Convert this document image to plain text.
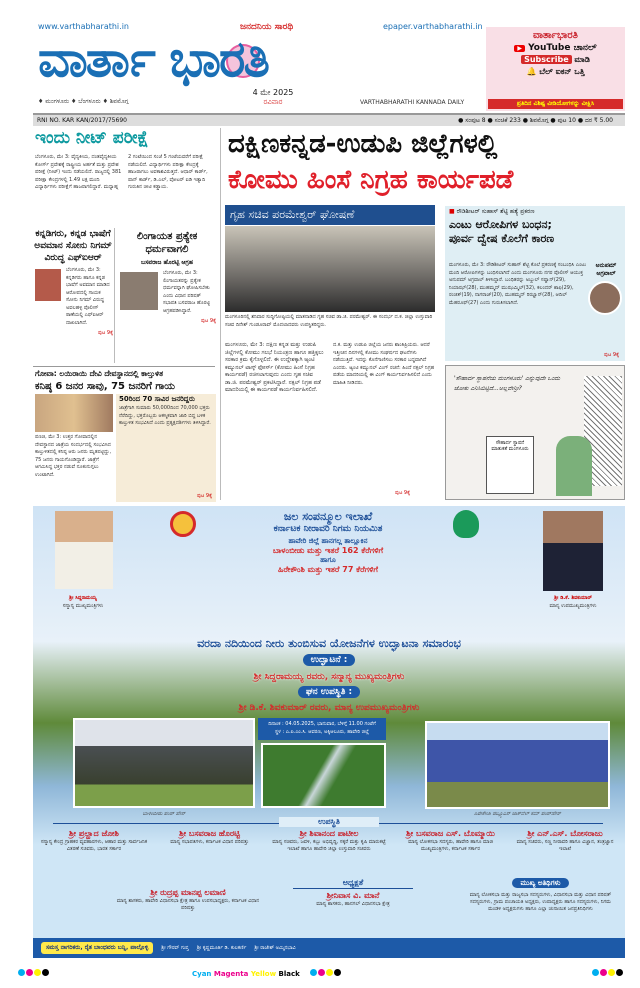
www.varthabharathi.in	ಜನದನಿಯ ಸಾರಥಿ	epaper.varthabharathi.in
ವಾರ್ತಾ ಭಾರತಿ
♦ ಮಂಗಳೂರು ♦ ಬೆಂಗಳೂರು ♦ ಶಿವಮೊಗ್ಗ
4 ಮೇ 2025
ರವಿವಾರ	VARTHABHARATHI KANNADA DAILY
ವಾರ್ತಾಭಾರತಿ
▶ YouTube ಚಾನಲ್
Subscribe ಮಾಡಿ
🔔 ಬೆಲ್ ಐಕನ್ ಒತ್ತಿ
ಪ್ರತಿದಿನ ವಿಶಿಷ್ಟ ವೀಡಿಯೋಗಳನ್ನು ವೀಕ್ಷಿಸಿ
RNI NO. KAR KAN/2017/75690	● ಸಂಪುಟ 8 ● ಸಂಚಿಕೆ 233 ● ಶಿವಮೊಗ್ಗ ● ಪುಟ 10 ● ದರ ₹ 5.00
ಇಂದು ನೀಟ್ ಪರೀಕ್ಷೆ
ಬೆಂಗಳೂರು, ಮೇ 3: ವೈದ್ಯಕೀಯ, ದಂತವೈದ್ಯಕೀಯ ಕೋರ್ಸ್ ಪ್ರವೇಶಕ್ಕೆ ರಾಷ್ಟ್ರೀಯ ಅರ್ಹತೆ ಮತ್ತು ಪ್ರವೇಶ ಪರೀಕ್ಷೆ (ನೀಟ್) ಇಂದು ನಡೆಯಲಿದೆ. ರಾಜ್ಯದಲ್ಲಿ 381 ಪರೀಕ್ಷಾ ಕೇಂದ್ರಗಳಲ್ಲಿ 1.49 ಲಕ್ಷ ಮಂದಿ ವಿದ್ಯಾರ್ಥಿಗಳು ಪರೀಕ್ಷೆಗೆ ಹಾಜರಾಗಲಿದ್ದಾರೆ. ಮಧ್ಯಾಹ್ನ 2 ಗಂಟೆಯಿಂದ ಸಂಜೆ 5 ಗಂಟೆಯವರೆಗೆ ಪರೀಕ್ಷೆ ನಡೆಯಲಿದೆ. ವಿದ್ಯಾರ್ಥಿಗಳು ಪರೀಕ್ಷಾ ಕೇಂದ್ರಕ್ಕೆ ಹಾಜರಾಗಲು ಅವಕಾಶವಿರುತ್ತದೆ. ಆಧಾರ್ ಕಾರ್ಡ್, ಪಾನ್ ಕಾರ್ಡ್, ಡಿ.ಎಲ್, ವೋಟರ್ ಐಡಿ ಇತ್ಯಾದಿ ಗುರುತಿನ ಚೀಟಿ ಕಡ್ಡಾಯ.
ದಕ್ಷಿಣಕನ್ನಡ-ಉಡುಪಿ ಜಿಲ್ಲೆಗಳಲ್ಲಿ
ಕೋಮು ಹಿಂಸೆ ನಿಗ್ರಹ ಕಾರ್ಯಪಡೆ
ಗೃಹ ಸಚಿವ ಪರಮೇಶ್ವರ್ ಘೋಷಣೆ
ಮಂಗಳೂರಿನಲ್ಲಿ ಶನಿವಾರ ಸುದ್ದಿಗೋಷ್ಠಿಯಲ್ಲಿ ಮಾತನಾಡಿದ ಗೃಹ ಸಚಿವ ಡಾ.ಜಿ. ಪರಮೇಶ್ವರ್. ಈ ಸಂದರ್ಭ ದ.ಕ. ಜಿಲ್ಲಾ ಉಸ್ತುವಾರಿ ಸಚಿವ ದಿನೇಶ್ ಗುಂಡೂರಾವ್ ಮೊದಲಾದವರು ಉಪಸ್ಥಿತರಿದ್ದರು.
ಮಂಗಳೂರು, ಮೇ 3: ದಕ್ಷಿಣ ಕನ್ನಡ ಮತ್ತು ಉಡುಪಿ ಜಿಲ್ಲೆಗಳಲ್ಲಿ ಕೋಮು ಗಲಭೆ ನಿಯಂತ್ರಣ ಹಾಗೂ ಹತ್ತಿಕ್ಕಲು ಸರಕಾರ ಕ್ರಮ ಕೈಗೊಳ್ಳಲಿದೆ. ಈ ಉದ್ದೇಶಕ್ಕಾಗಿ ಆ್ಯಂಟಿ ಕಮ್ಯುನಲ್ ಟಾಸ್ಕ್ ಫೋರ್ಸ್ (ಕೋಮು ಹಿಂಸೆ ನಿಗ್ರಹ ಕಾರ್ಯಪಡೆ) ರಚಿಸಲಾಗುವುದು ಎಂದು ಗೃಹ ಸಚಿವ ಡಾ.ಜಿ. ಪರಮೇಶ್ವರ್ ಪ್ರಕಟಿಸಿದ್ದಾರೆ. ನಕ್ಸಲ್ ನಿಗ್ರಹ ಪಡೆ ಮಾದರಿಯಲ್ಲಿ ಈ ಕಾರ್ಯಪಡೆ ಕಾರ್ಯನಿರ್ವಹಿಸಲಿದೆ.
ದ.ಕ. ಮತ್ತು ಉಡುಪಿ ಜಿಲ್ಲೆಯ ಜನರು ಶಾಂತಿಪ್ರಿಯರು. ಆದರೆ ಇತ್ತೀಚಿನ ದಿನಗಳಲ್ಲಿ ಕೋಮು ಸಂಘರ್ಷದ ಘಟನೆಗಳು ನಡೆಯುತ್ತಿವೆ. ಇದನ್ನು ಕೊನೆಗಾಣಿಸಲು ಸರಕಾರ ಬದ್ಧವಾಗಿದೆ ಎಂದರು. ಆ್ಯಂಟಿ ಕಮ್ಯುನಲ್ ವಿಂಗ್ ರಚನೆ: ಹಿಂದೆ ನಕ್ಸಲ್ ನಿಗ್ರಹ ಪಡೆಯ ಮಾದರಿಯಲ್ಲಿ ಈ ವಿಂಗ್ ಕಾರ್ಯನಿರ್ವಹಿಸಲಿದೆ ಎಂದು ಮಾಹಿತಿ ನೀಡಿದರು.
ಪುಟ 9ಕ್ಕೆ
ಕನ್ನಡಿಗರು, ಕನ್ನಡ ಭಾಷೆಗೆ ಅವಮಾನ ಸೋನು ನಿಗಮ್ ವಿರುದ್ಧ ಎಫ್‌ಐಆರ್
ಬೆಂಗಳೂರು, ಮೇ 3: ಕನ್ನಡಿಗರು ಹಾಗೂ ಕನ್ನಡ ಭಾಷೆಗೆ ಅವಮಾನ ಮಾಡಿದ ಆರೋಪದಲ್ಲಿ ಗಾಯಕ ಸೋನು ನಿಗಮ್ ವಿರುದ್ಧ ಅವಲಹಳ್ಳಿ ಪೊಲೀಸ್ ಠಾಣೆಯಲ್ಲಿ ಎಫ್‌ಐಆರ್ ದಾಖಲಾಗಿದೆ.
ಪುಟ 9ಕ್ಕೆ
ಲಿಂಗಾಯತ ಪ್ರತ್ಯೇಕ ಧರ್ಮವಾಗಲಿ
ಬಸವರಾಜ ಹೊರಟ್ಟಿ ಆಗ್ರಹ
ಬೆಂಗಳೂರು, ಮೇ 3: ಲಿಂಗಾಯತರನ್ನು ಪ್ರತ್ಯೇಕ ಧರ್ಮವನ್ನಾಗಿ ಘೋಷಿಸಬೇಕು ಎಂದು ವಿಧಾನ ಪರಿಷತ್ ಸಭಾಪತಿ ಬಸವರಾಜ ಹೊರಟ್ಟಿ ಆಗ್ರಹಪಡಿಸಿದ್ದಾರೆ.
ಪುಟ 9ಕ್ಕೆ
ಗೋವಾ: ಲಯಿರಾಯಿ ದೇವಿ ದೇವಸ್ಥಾನದಲ್ಲಿ ಕಾಲ್ತುಳಿತ
ಕನಿಷ್ಠ 6 ಜನರ ಸಾವು, 75 ಜನರಿಗೆ ಗಾಯ
ಪಣಜಿ, ಮೇ 3: ಉತ್ತರ ಗೋವಾದಲ್ಲಿನ ದೇವಸ್ಥಾನದ ಜಾತ್ರೆಯ ಸಂದರ್ಭದಲ್ಲಿ ಸಂಭವಿಸಿದ ಕಾಲ್ತುಳಿತದಲ್ಲಿ ಕನಿಷ್ಠ ಆರು ಜನರು ಮೃತಪಟ್ಟಿದ್ದು, 75 ಜನರು ಗಾಯಗೊಂಡಿದ್ದಾರೆ. ಜಾತ್ರೆಗೆ ಆಗಮಿಸಿದ್ದ ಭಕ್ತರ ನಡುವೆ ನೂಕುನುಗ್ಗಲು ಉಂಟಾಗಿದೆ.
50ರಿಂದ 70 ಸಾವಿರ ಜನರಿದ್ದರು
ಜಾತ್ರೆಗಾಗಿ ಸುಮಾರು 50,000ದಿಂದ 70,000 ಭಕ್ತರು ನೆರೆದಿದ್ದು, ಭಕ್ತರೊಬ್ಬರು ಆಕಸ್ಮಿಕವಾಗಿ ಜಾರಿ ಬಿದ್ದ ಬಳಿಕ ಕಾಲ್ತುಳಿತ ಸಂಭವಿಸಿದೆ ಎಂದು ಪ್ರತ್ಯಕ್ಷದರ್ಶಿಗಳು ತಿಳಿಸಿದ್ದಾರೆ.
ಪುಟ 9ಕ್ಕೆ
■ ರೌಡಿಶೀಟರ್ ಸುಹಾಸ್ ಶೆಟ್ಟಿ ಹತ್ಯೆ ಪ್ರಕರಣ
ಎಂಟು ಆರೋಪಿಗಳ ಬಂಧನ;
ಪೂರ್ವ ದ್ವೇಷ ಕೊಲೆಗೆ ಕಾರಣ
ಅನುಪಮ್ ಅಗ್ರವಾಲ್
ಮಂಗಳೂರು, ಮೇ 3: ರೌಡಿಶೀಟರ್ ಸುಹಾಸ್ ಶೆಟ್ಟಿ ಕೊಲೆ ಪ್ರಕರಣಕ್ಕೆ ಸಂಬಂಧಿಸಿ ಎಂಟು ಮಂದಿ ಆರೋಪಿಗಳನ್ನು ಬಂಧಿಸಲಾಗಿದೆ ಎಂದು ಮಂಗಳೂರು ನಗರ ಪೊಲೀಸ್ ಆಯುಕ್ತ ಅನುಪಮ್ ಅಗ್ರವಾಲ್ ತಿಳಿಸಿದ್ದಾರೆ. ಬಂಧಿತರನ್ನು ಅಬ್ದುಲ್ ಸಫ್ವಾನ್(29), ನಿಯಾಝ್(28), ಮುಹಮ್ಮದ್ ಮುಝಮ್ಮಿಲ್(32), ಕಲಂದರ್ ಶಾಫಿ(29), ರಂಜಿತ್(19), ನಾಗರಾಜ್(20), ಮುಹಮ್ಮದ್ ರಿಝ್ವಾನ್(28), ಆದಿಲ್ ಮೆಹರೂಫ್(27) ಎಂದು ಗುರುತಿಸಲಾಗಿದೆ.
ಪುಟ 9ಕ್ಕೆ
'ಸೌಹಾರ್ದ ಸ್ಥಾಪನೆಯ ಮಂಗಳೂರು' ಎನ್ನುವುದೇ ಒಂದು ಜೋಕು ಎನಿಸಿಬಿಟ್ಟಿದೆ...ಅಲ್ಲವೇನ್ರೀ?
ಸೌಹಾರ್ದ ಸ್ಥಾಪನೆ ಮಾತುಕತೆ ಮಂಗಳೂರು
ಶ್ರೀ ಸಿದ್ದರಾಮಯ್ಯ
ಸನ್ಮಾನ್ಯ ಮುಖ್ಯಮಂತ್ರಿಗಳು
ಶ್ರೀ ಡಿ.ಕೆ. ಶಿವಕುಮಾರ್
ಮಾನ್ಯ ಉಪಮುಖ್ಯಮಂತ್ರಿಗಳು
ಜಲ ಸಂಪನ್ಮೂಲ ಇಲಾಖೆ
ಕರ್ನಾಟಕ ನೀರಾವರಿ ನಿಗಮ ನಿಯಮಿತ
ಹಾವೇರಿ ಜಿಲ್ಲೆ ಹಾನಗಲ್ಲ ತಾಲ್ಲೂಕಿನ
ಬಾಳಂಬೀಡು ಮತ್ತು ಇತರೆ 162 ಕೆರೆಗಳಿಗೆ
ಹಾಗೂ
ಹಿರೇಕೌಂಶಿ ಮತ್ತು ಇತರೆ 77 ಕೆರೆಗಳಿಗೆ
ವರದಾ ನದಿಯಿಂದ ನೀರು ತುಂಬಿಸುವ ಯೋಜನೆಗಳ ಉದ್ಘಾಟನಾ ಸಮಾರಂಭ
ಉದ್ಘಾಟನೆ :
ಶ್ರೀ ಸಿದ್ದರಾಮಯ್ಯ ರವರು, ಸನ್ಮಾನ್ಯ ಮುಖ್ಯಮಂತ್ರಿಗಳು
ಘನ ಉಪಸ್ಥಿತಿ :
ಶ್ರೀ ಡಿ.ಕೆ. ಶಿವಕುಮಾರ್ ರವರು, ಮಾನ್ಯ ಉಪಮುಖ್ಯಮಂತ್ರಿಗಳು
ದಿನಾಂಕ : 04.05.2025, ಭಾನುವಾರ, ಬೆಳಿಗ್ಗೆ 11.00 ಗಂಟೆಗೆ
ಸ್ಥಳ : ಎ.ಪಿ.ಎಂ.ಸಿ. ಆವರಣ, ಅಕ್ಕಿಆಲೂರು, ಹಾವೇರಿ ಜಿಲ್ಲೆ
ಬಾಳಂಬೀಡು ಪಂಪ್ ಹೌಸ್	ಹಿರೇಕೌಂಶಿ ಡಬ್ಲ್ಯೂಎಸ್ ಜಾಕ್‌ವೆಲ್ ಕಮ್ ಪಂಪ್‌ಹೌಸ್
ಉಪಸ್ಥಿತಿ
ಶ್ರೀ ಪ್ರಲ್ಹಾದ ಜೋಶಿ
ಸನ್ಮಾನ್ಯ ಕೇಂದ್ರ ಗ್ರಾಹಕರ ವ್ಯವಹಾರಗಳು, ಆಹಾರ ಮತ್ತು ಸಾರ್ವಜನಿಕ ವಿತರಣೆ ಸಚಿವರು, ಭಾರತ ಸರ್ಕಾರ
ಶ್ರೀ ಬಸವರಾಜ ಹೊರಟ್ಟಿ
ಮಾನ್ಯ ಸಭಾಪತಿಗಳು, ಕರ್ನಾಟಕ ವಿಧಾನ ಪರಿಷತ್ತು
ಶ್ರೀ ಶಿವಾನಂದ ಪಾಟೀಲ
ಮಾನ್ಯ ಸಚಿವರು, ಜವಳಿ, ಕಬ್ಬು ಅಭಿವೃದ್ಧಿ, ಸಕ್ಕರೆ ಮತ್ತು ಕೃಷಿ ಮಾರುಕಟ್ಟೆ ಇಲಾಖೆ ಹಾಗೂ ಹಾವೇರಿ ಜಿಲ್ಲಾ ಉಸ್ತುವಾರಿ ಸಚಿವರು
ಶ್ರೀ ಬಸವರಾಜ ಎಸ್. ಬೊಮ್ಮಾಯಿ
ಮಾನ್ಯ ಲೋಕಸಭಾ ಸದಸ್ಯರು, ಹಾವೇರಿ ಹಾಗೂ ಮಾಜಿ ಮುಖ್ಯಮಂತ್ರಿಗಳು, ಕರ್ನಾಟಕ ಸರ್ಕಾರ
ಶ್ರೀ ಎನ್.ಎಸ್. ಬೋಸರಾಜು
ಮಾನ್ಯ ಸಚಿವರು, ಸಣ್ಣ ನೀರಾವರಿ ಹಾಗೂ ವಿಜ್ಞಾನ, ತಂತ್ರಜ್ಞಾನ ಇಲಾಖೆ
ಶ್ರೀ ರುದ್ರಪ್ಪ ಮಾನಪ್ಪ ಲಮಾಣಿ
ಮಾನ್ಯ ಶಾಸಕರು, ಹಾವೇರಿ ವಿಧಾನಸಭಾ ಕ್ಷೇತ್ರ ಹಾಗೂ ಉಪಸಭಾಧ್ಯಕ್ಷರು, ಕರ್ನಾಟಕ ವಿಧಾನ ಪರಿಷತ್ತು
ಅಧ್ಯಕ್ಷತೆ
ಶ್ರೀನಿವಾಸ ವಿ. ಮಾನೆ
ಮಾನ್ಯ ಶಾಸಕರು, ಹಾನಗಲ್ ವಿಧಾನಸಭಾ ಕ್ಷೇತ್ರ
ಮುಖ್ಯ ಅತಿಥಿಗಳು
ಮಾನ್ಯ ಲೋಕಸಭಾ ಮತ್ತು ರಾಜ್ಯಸಭಾ ಸದಸ್ಯರುಗಳು, ವಿಧಾನಸಭಾ ಮತ್ತು ವಿಧಾನ ಪರಿಷತ್ ಸದಸ್ಯರುಗಳು, ಗ್ರಾಮ ಪಂಚಾಯತಿ ಅಧ್ಯಕ್ಷರು, ಉಪಾಧ್ಯಕ್ಷರು ಹಾಗೂ ಸದಸ್ಯರುಗಳು, ನಿಗಮ ಮಂಡಳಿ ಅಧ್ಯಕ್ಷರುಗಳು ಹಾಗೂ ಎಲ್ಲಾ ಚುನಾಯಿತ ಜನಪ್ರತಿನಿಧಿಗಳು
ಸಮಸ್ತ ನಾಗರಿಕರು, ರೈತ ಬಾಂಧವರು ಬನ್ನಿ, ಪಾಲ್ಗೊಳ್ಳಿ	ಶ್ರೀ ಗೌರವ್ ಗುಪ್ತ ಶ್ರೀ ಕೃಷ್ಣಮೂರ್ತಿ ಡಿ. ಕುಲಕರ್ಣಿ ಶ್ರೀ ರಾಜೇಶ್ ಅಮ್ಮಿನಭಾವಿ
Cyan Magenta Yellow Black
